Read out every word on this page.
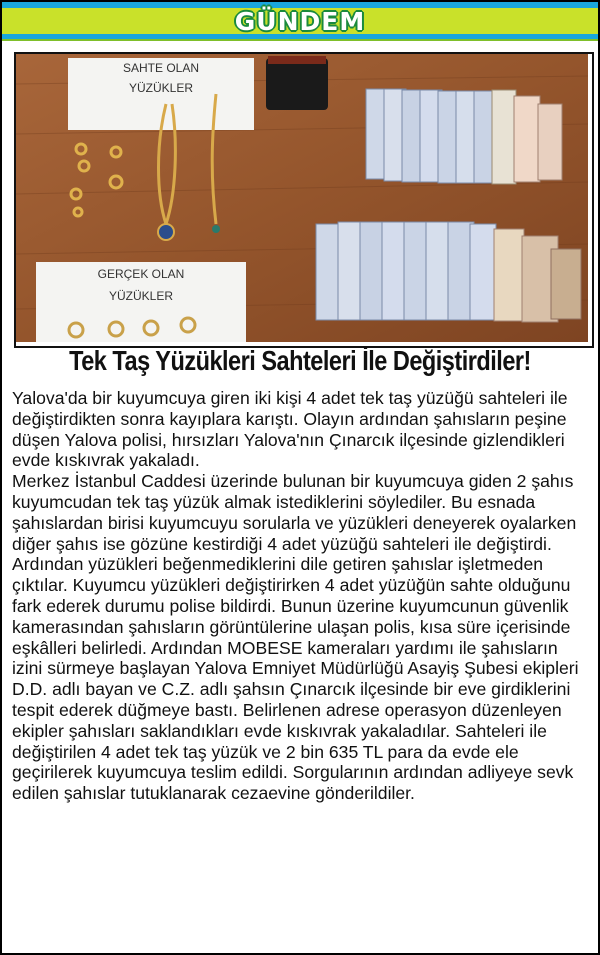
GÜNDEM
SAHTE OLAN
YÜZÜKLER
GERÇEK OLAN
YÜZÜKLER
Tek Taş Yüzükleri Sahteleri İle Değiştirdiler!

Yalova'da bir kuyumcuya giren iki kişi 4 adet tek taş yüzüğü sahteleri ile değiştirdikten sonra kayıplara karıştı. Olayın ardından şahısların peşine düşen Yalova polisi, hırsızları Yalova'nın Çınarcık ilçesinde gizlendikleri evde kıskıvrak yakaladı.

Merkez İstanbul Caddesi üzerinde bulunan bir kuyumcuya giden 2 şahıs kuyumcudan tek taş yüzük almak istediklerini söylediler. Bu esnada şahıslardan birisi kuyumcuyu sorularla ve yüzükleri deneyerek oyalarken diğer şahıs ise gözüne kestirdiği 4 adet yüzüğü sahteleri ile değiştirdi. Ardından yüzükleri beğenmediklerini dile getiren şahıslar işletmeden çıktılar. Kuyumcu yüzükleri değiştirirken 4 adet yüzüğün sahte olduğunu fark ederek durumu polise bildirdi. Bunun üzerine kuyumcunun güvenlik kamerasından şahısların görüntülerine ulaşan polis, kısa süre içerisinde eşkâlleri belirledi. Ardından MOBESE kameraları yardımı ile şahısların izini sürmeye başlayan Yalova Emniyet Müdürlüğü Asayiş Şubesi ekipleri D.D. adlı bayan ve C.Z. adlı şahsın Çınarcık ilçesinde bir eve girdiklerini tespit ederek düğmeye bastı. Belirlenen adrese operasyon düzenleyen ekipler şahısları saklandıkları evde kıskıvrak yakaladılar. Sahteleri ile değiştirilen 4 adet tek taş yüzük ve 2 bin 635 TL para da evde ele geçirilerek kuyumcuya teslim edildi. Sorgularının ardından adliyeye sevk edilen şahıslar tutuklanarak cezaevine gönderildiler.
